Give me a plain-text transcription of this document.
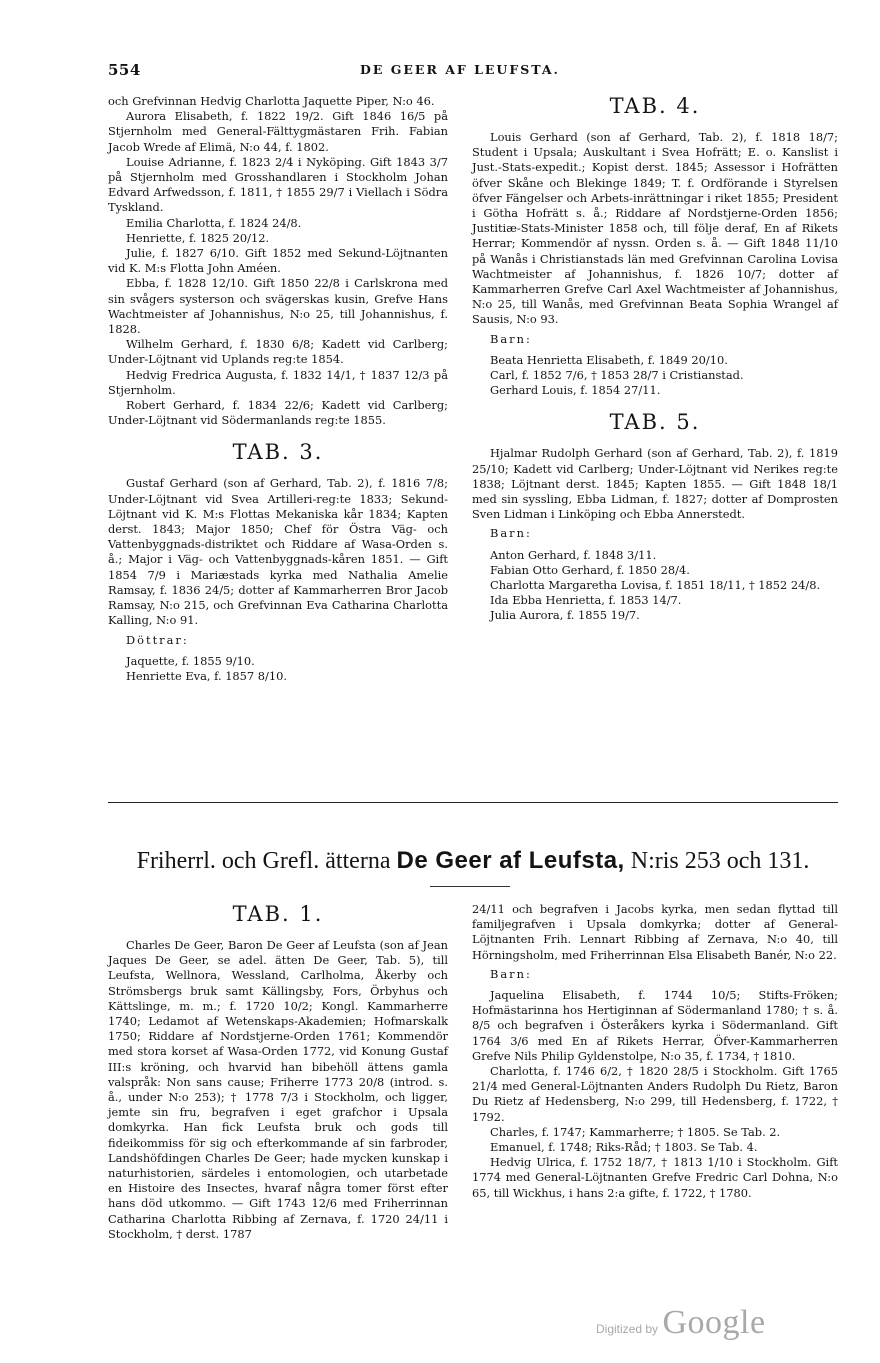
554	DE GEER AF LEUFSTA.

och Grefvinnan Hedvig Charlotta Jaquette Piper, N:o 46.

Aurora Elisabeth, f. 1822 19/2. Gift 1846 16/5 på Stjernholm med General-Fälttygmästaren Frih. Fabian Jacob Wrede af Elimä, N:o 44, f. 1802.

Louise Adrianne, f. 1823 2/4 i Nyköping. Gift 1843 3/7 på Stjernholm med Grosshandlaren i Stockholm Johan Edvard Arfwedsson, f. 1811, † 1855 29/7 i Viellach i Södra Tyskland.

Emilia Charlotta, f. 1824 24/8.

Henriette, f. 1825 20/12.

Julie, f. 1827 6/10. Gift 1852 med Sekund-Löjtnanten vid K. M:s Flotta John Améen.

Ebba, f. 1828 12/10. Gift 1850 22/8 i Carlskrona med sin svågers systerson och svägerskas kusin, Grefve Hans Wachtmeister af Johannishus, N:o 25, till Johannishus, f. 1828.

Wilhelm Gerhard, f. 1830 6/8; Kadett vid Carlberg; Under-Löjtnant vid Uplands reg:te 1854.

Hedvig Fredrica Augusta, f. 1832 14/1, † 1837 12/3 på Stjernholm.

Robert Gerhard, f. 1834 22/6; Kadett vid Carlberg; Under-Löjtnant vid Södermanlands reg:te 1855.

TAB. 3.

Gustaf Gerhard (son af Gerhard, Tab. 2), f. 1816 7/8; Under-Löjtnant vid Svea Artilleri-reg:te 1833; Sekund-Löjtnant vid K. M:s Flottas Mekaniska kår 1834; Kapten derst. 1843; Major 1850; Chef för Östra Väg- och Vattenbyggnads-distriktet och Riddare af Wasa-Orden s. å.; Major i Väg- och Vattenbyggnads-kåren 1851. — Gift 1854 7/9 i Mariæstads kyrka med Nathalia Amelie Ramsay, f. 1836 24/5; dotter af Kammarherren Bror Jacob Ramsay, N:o 215, och Grefvinnan Eva Catharina Charlotta Kalling, N:o 91.

Döttrar:

Jaquette, f. 1855 9/10.

Henriette Eva, f. 1857 8/10.

TAB. 4.

Louis Gerhard (son af Gerhard, Tab. 2), f. 1818 18/7; Student i Upsala; Auskultant i Svea Hofrätt; E. o. Kanslist i Just.-Stats-expedit.; Kopist derst. 1845; Assessor i Hofrätten öfver Skåne och Blekinge 1849; T. f. Ordförande i Styrelsen öfver Fängelser och Arbets-inrättningar i riket 1855; President i Götha Hofrätt s. å.; Riddare af Nordstjerne-Orden 1856; Justitiæ-Stats-Minister 1858 och, till följe deraf, En af Rikets Herrar; Kommendör af nyssn. Orden s. å. — Gift 1848 11/10 på Wanås i Christianstads län med Grefvinnan Carolina Lovisa Wachtmeister af Johannishus, f. 1826 10/7; dotter af Kammarherren Grefve Carl Axel Wachtmeister af Johannishus, N:o 25, till Wanås, med Grefvinnan Beata Sophia Wrangel af Sausis, N:o 93.

Barn:

Beata Henrietta Elisabeth, f. 1849 20/10.

Carl, f. 1852 7/6, † 1853 28/7 i Cristianstad.

Gerhard Louis, f. 1854 27/11.

TAB. 5.

Hjalmar Rudolph Gerhard (son af Gerhard, Tab. 2), f. 1819 25/10; Kadett vid Carlberg; Under-Löjtnant vid Nerikes reg:te 1838; Löjtnant derst. 1845; Kapten 1855. — Gift 1848 18/1 med sin syssling, Ebba Lidman, f. 1827; dotter af Domprosten Sven Lidman i Linköping och Ebba Annerstedt.

Barn:

Anton Gerhard, f. 1848 3/11.

Fabian Otto Gerhard, f. 1850 28/4.

Charlotta Margaretha Lovisa, f. 1851 18/11, † 1852 24/8.

Ida Ebba Henrietta, f. 1853 14/7.

Julia Aurora, f. 1855 19/7.

Friherrl. och Grefl. ätterna De Geer af Leufsta, N:ris 253 och 131.

TAB. 1.

Charles De Geer, Baron De Geer af Leufsta (son af Jean Jaques De Geer, se adel. ätten De Geer, Tab. 5), till Leufsta, Wellnora, Wessland, Carlholma, Åkerby och Strömsbergs bruk samt Källingsby, Fors, Örbyhus och Kättslinge, m. m.; f. 1720 10/2; Kongl. Kammarherre 1740; Ledamot af Wetenskaps-Akademien; Hofmarskalk 1750; Riddare af Nordstjerne-Orden 1761; Kommendör med stora korset af Wasa-Orden 1772, vid Konung Gustaf III:s kröning, och hvarvid han bibehöll ättens gamla valspråk: Non sans cause; Friherre 1773 20/8 (introd. s. å., under N:o 253); † 1778 7/3 i Stockholm, och ligger, jemte sin fru, begrafven i eget grafchor i Upsala domkyrka. Han fick Leufsta bruk och gods till fideikommiss för sig och efterkommande af sin farbroder, Landshöfdingen Charles De Geer; hade mycken kunskap i naturhistorien, särdeles i entomologien, och utarbetade en Histoire des Insectes, hvaraf några tomer först efter hans död utkommo. — Gift 1743 12/6 med Friherrinnan Catharina Charlotta Ribbing af Zernava, f. 1720 24/11 i Stockholm, † derst. 1787

24/11 och begrafven i Jacobs kyrka, men sedan flyttad till familjegrafven i Upsala domkyrka; dotter af General-Löjtnanten Frih. Lennart Ribbing af Zernava, N:o 40, till Hörningsholm, med Friherrinnan Elsa Elisabeth Banér, N:o 22.

Barn:

Jaquelina Elisabeth, f. 1744 10/5; Stifts-Fröken; Hofmästarinna hos Hertiginnan af Södermanland 1780; † s. å. 8/5 och begrafven i Österåkers kyrka i Södermanland. Gift 1764 3/6 med En af Rikets Herrar, Öfver-Kammarherren Grefve Nils Philip Gyldenstolpe, N:o 35, f. 1734, † 1810.

Charlotta, f. 1746 6/2, † 1820 28/5 i Stockholm. Gift 1765 21/4 med General-Löjtnanten Anders Rudolph Du Rietz, Baron Du Rietz af Hedensberg, N:o 299, till Hedensberg, f. 1722, † 1792.

Charles, f. 1747; Kammarherre; † 1805. Se Tab. 2.

Emanuel, f. 1748; Riks-Råd; † 1803. Se Tab. 4.

Hedvig Ulrica, f. 1752 18/7, † 1813 1/10 i Stockholm. Gift 1774 med General-Löjtnanten Grefve Fredric Carl Dohna, N:o 65, till Wickhus, i hans 2:a gifte, f. 1722, † 1780.

Digitized by Google
